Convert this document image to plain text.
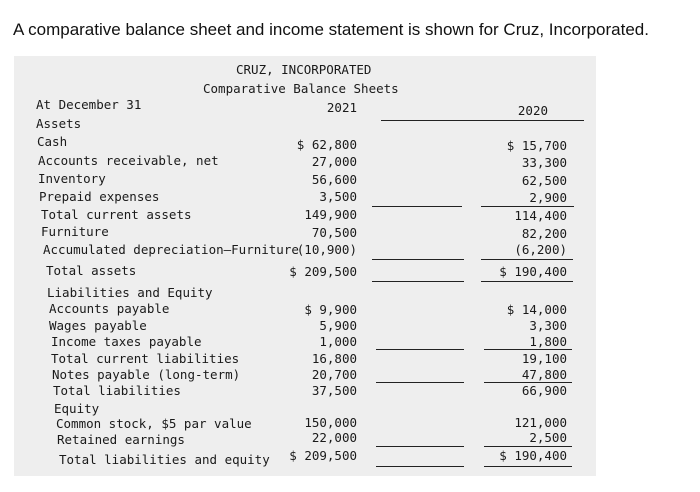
A comparative balance sheet and income statement is shown for Cruz, Incorporated.
CRUZ, INCORPORATED
Comparative Balance Sheets
At December 31	2021	2020
Assets
Cash	$ 62,800	$ 15,700
Accounts receivable, net	27,000	33,300
Inventory	56,600	62,500
Prepaid expenses	3,500	2,900
Total current assets	149,900	114,400
Furniture	70,500	82,200
Accumulated depreciation—Furniture
(10,900)	(6,200)
Total assets	$ 209,500	$ 190,400
Liabilities and Equity
Accounts payable	$ 9,900	$ 14,000
Wages payable	5,900	3,300
Income taxes payable	1,000	1,800
Total current liabilities	16,800	19,100
Notes payable (long-term)	20,700	47,800
Total liabilities	37,500	66,900
Equity
Common stock, $5 par value	150,000	121,000
Retained earnings	22,000	2,500
Total liabilities and equity $ 209,500	$ 190,400
